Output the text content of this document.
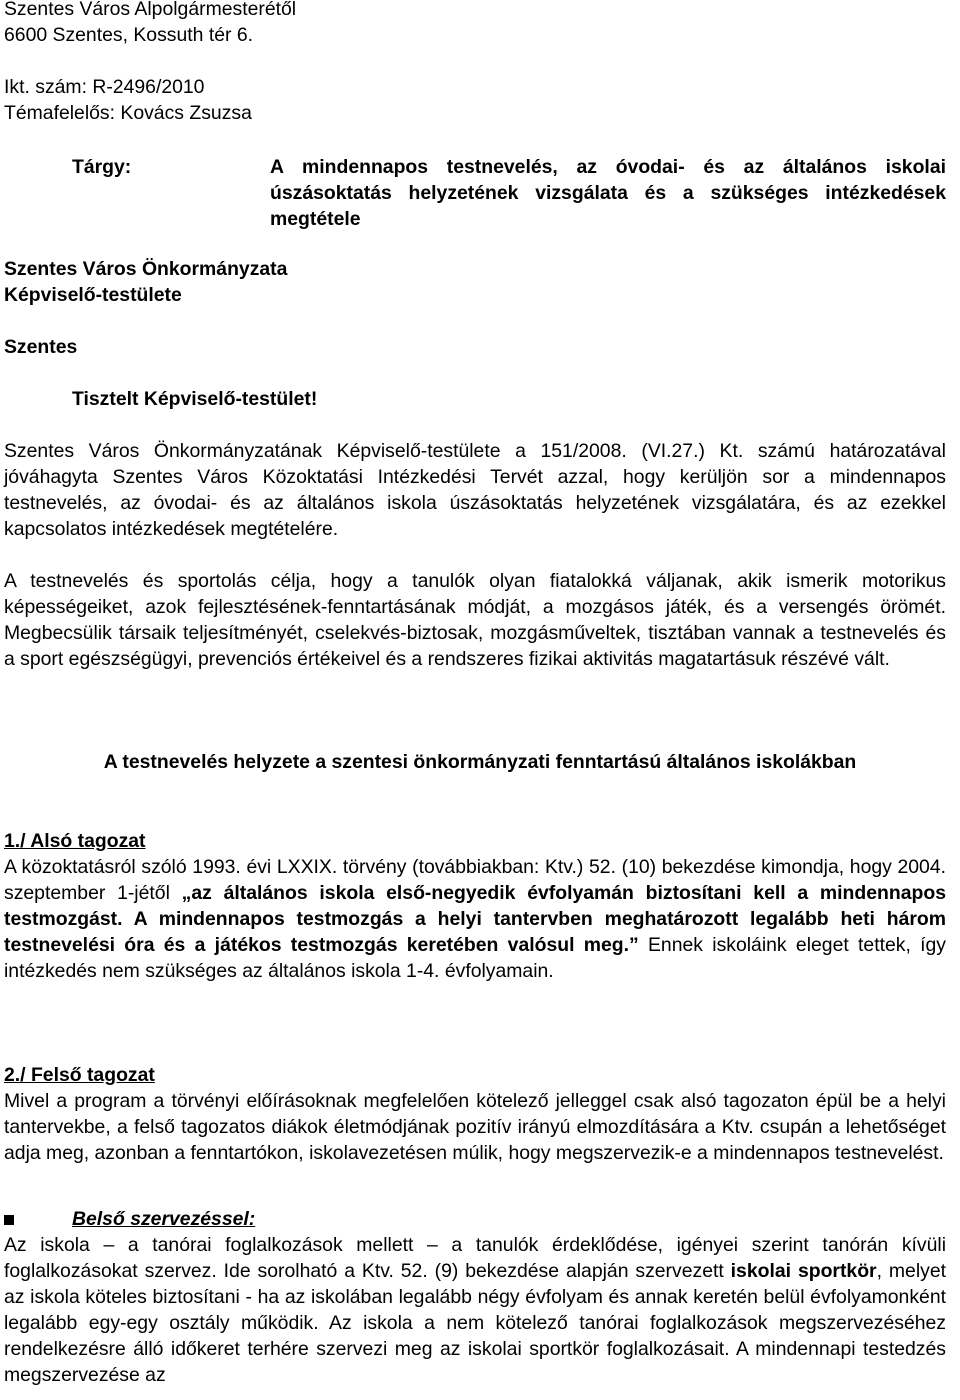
Szentes Város Alpolgármesterétől
6600 Szentes, Kossuth tér 6.
Ikt. szám: R-2496/2010
Témafelelős: Kovács Zsuzsa
Tárgy:	A mindennapos testnevelés, az óvodai- és az általános iskolai úszásoktatás helyzetének vizsgálata és a szükséges intézkedések megtétele
Szentes Város Önkormányzata
Képviselő-testülete
Szentes
Tisztelt Képviselő-testület!
Szentes Város Önkormányzatának Képviselő-testülete a 151/2008. (VI.27.) Kt. számú határozatával jóváhagyta Szentes Város Közoktatási Intézkedési Tervét azzal, hogy kerüljön sor a mindennapos testnevelés, az óvodai- és az általános iskola úszásoktatás helyzetének vizsgálatára, és az ezekkel kapcsolatos intézkedések megtételére.
A testnevelés és sportolás célja, hogy a tanulók olyan fiatalokká váljanak, akik ismerik motorikus képességeiket, azok fejlesztésének-fenntartásának módját, a mozgásos játék, és a versengés örömét. Megbecsülik társaik teljesítményét, cselekvés-biztosak, mozgásműveltek, tisztában vannak a testnevelés és a sport egészségügyi, prevenciós értékeivel és a rendszeres fizikai aktivitás magatartásuk részévé vált.
A testnevelés helyzete a szentesi önkormányzati fenntartású általános iskolákban
1./ Alsó tagozat
A közoktatásról szóló 1993. évi LXXIX. törvény (továbbiakban: Ktv.) 52. (10) bekezdése kimondja, hogy 2004. szeptember 1-jétől „az általános iskola első-negyedik évfolyamán biztosítani kell a mindennapos testmozgást. A mindennapos testmozgás a helyi tantervben meghatározott legalább heti három testnevelési óra és a játékos testmozgás keretében valósul meg.” Ennek iskoláink eleget tettek, így intézkedés nem szükséges az általános iskola 1-4. évfolyamain.
2./ Felső tagozat
Mivel a program a törvényi előírásoknak megfelelően kötelező jelleggel csak alsó tagozaton épül be a helyi tantervekbe, a felső tagozatos diákok életmódjának pozitív irányú elmozdítására a Ktv. csupán a lehetőséget adja meg, azonban a fenntartókon, iskolavezetésen múlik, hogy megszervezik-e a mindennapos testnevelést.
Belső szervezéssel:
Az iskola – a tanórai foglalkozások mellett – a tanulók érdeklődése, igényei szerint tanórán kívüli foglalkozásokat szervez. Ide sorolható a Ktv. 52. (9) bekezdése alapján szervezett iskolai sportkör, melyet az iskola köteles biztosítani - ha az iskolában legalább négy évfolyam és annak keretén belül évfolyamonként legalább egy-egy osztály működik. Az iskola a nem kötelező tanórai foglalkozások megszervezéséhez rendelkezésre álló időkeret terhére szervezi meg az iskolai sportkör foglalkozásait. A mindennapi testedzés megszervezése az
